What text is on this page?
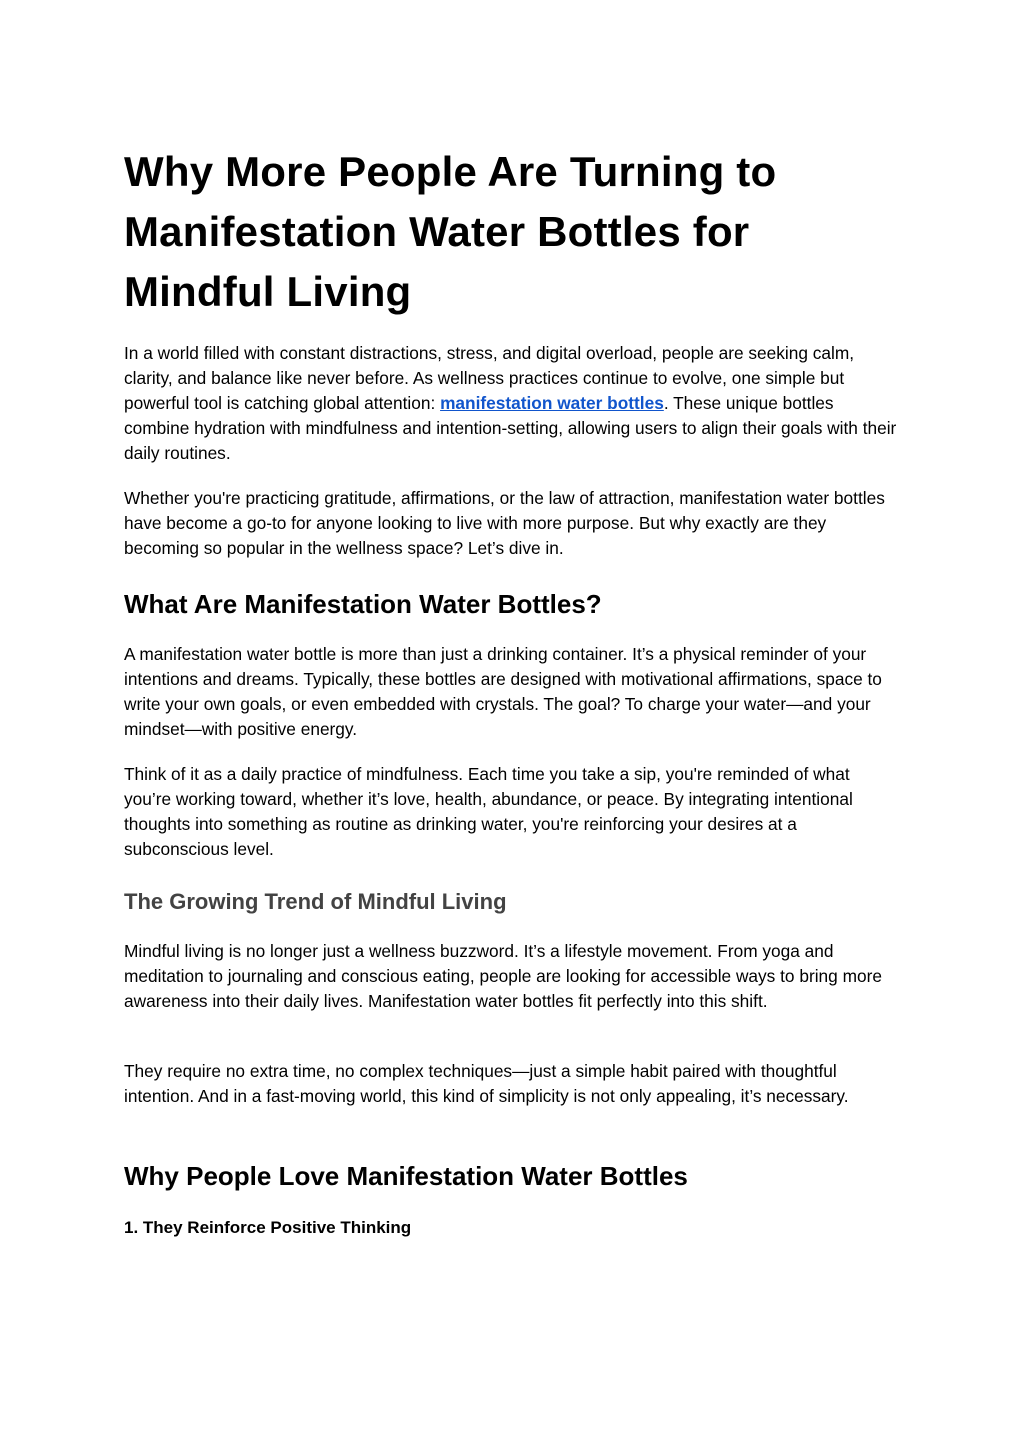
Why More People Are Turning to Manifestation Water Bottles for Mindful Living

In a world filled with constant distractions, stress, and digital overload, people are seeking calm, clarity, and balance like never before. As wellness practices continue to evolve, one simple but powerful tool is catching global attention: manifestation water bottles. These unique bottles combine hydration with mindfulness and intention-setting, allowing users to align their goals with their daily routines.

Whether you're practicing gratitude, affirmations, or the law of attraction, manifestation water bottles have become a go-to for anyone looking to live with more purpose. But why exactly are they becoming so popular in the wellness space? Let’s dive in.

What Are Manifestation Water Bottles?

A manifestation water bottle is more than just a drinking container. It’s a physical reminder of your intentions and dreams. Typically, these bottles are designed with motivational affirmations, space to write your own goals, or even embedded with crystals. The goal? To charge your water—and your mindset—with positive energy.

Think of it as a daily practice of mindfulness. Each time you take a sip, you're reminded of what you’re working toward, whether it’s love, health, abundance, or peace. By integrating intentional thoughts into something as routine as drinking water, you're reinforcing your desires at a subconscious level.

The Growing Trend of Mindful Living

Mindful living is no longer just a wellness buzzword. It’s a lifestyle movement. From yoga and meditation to journaling and conscious eating, people are looking for accessible ways to bring more awareness into their daily lives. Manifestation water bottles fit perfectly into this shift.

They require no extra time, no complex techniques—just a simple habit paired with thoughtful intention. And in a fast-moving world, this kind of simplicity is not only appealing, it’s necessary.

Why People Love Manifestation Water Bottles
1. They Reinforce Positive Thinking
